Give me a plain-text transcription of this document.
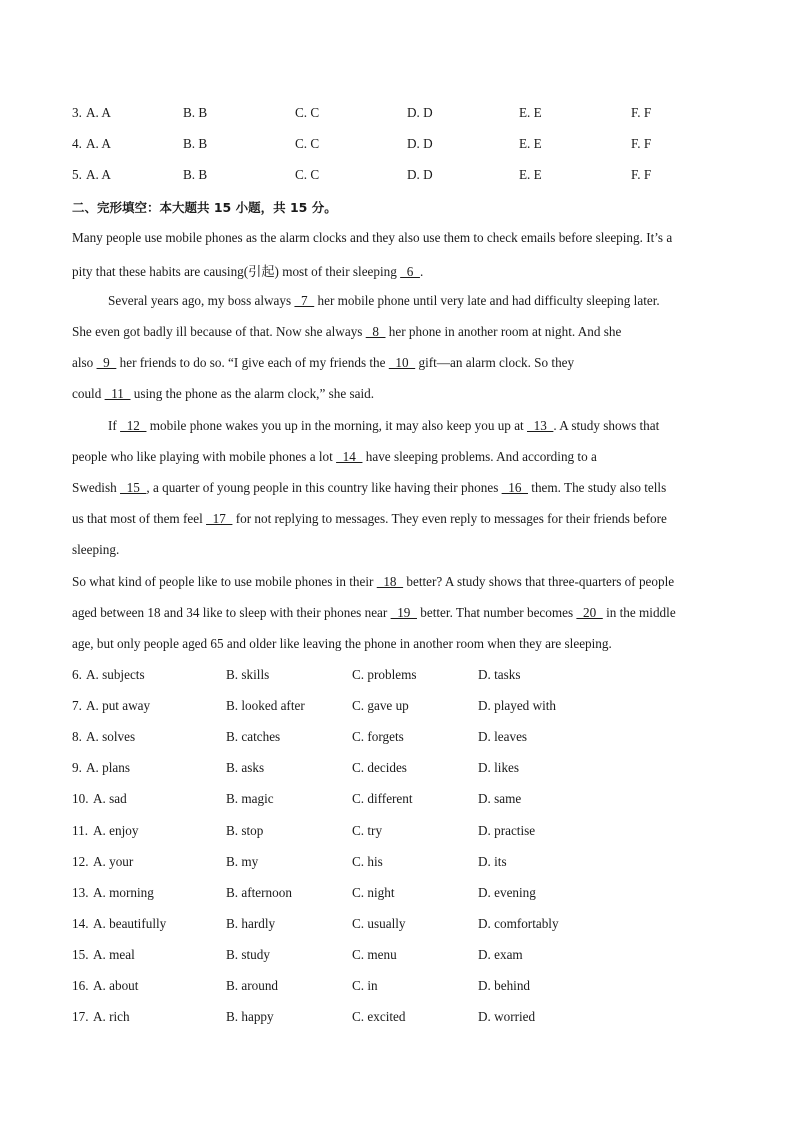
3. A. A	B. B	C. C	D. D	E. E	F. F
4. A. A	B. B	C. C	D. D	E. E	F. F
5. A. A	B. B	C. C	D. D	E. E	F. F
二、完形填空：本大题共 15 小题，共 15 分。
Many people use mobile phones as the alarm clocks and they also use them to check emails before sleeping. It’s a
pity that these habits are causing(引起) most of their sleeping   6  .
Several years ago, my boss always   7   her mobile phone until very late and had difficulty sleeping later.
She even got badly ill because of that. Now she always   8   her phone in another room at night. And she
also   9   her friends to do so. “I give each of my friends the   10   gift—an alarm clock. So they
could   11   using the phone as the alarm clock,” she said.
If   12   mobile phone wakes you up in the morning, it may also keep you up at   13  . A study shows that
people who like playing with mobile phones a lot   14   have sleeping problems. And according to a
Swedish   15  , a quarter of young people in this country like having their phones   16   them. The study also tells
us that most of them feel   17   for not replying to messages. They even reply to messages for their friends before
sleeping.
So what kind of people like to use mobile phones in their   18   better? A study shows that three-quarters of people
aged between 18 and 34 like to sleep with their phones near   19   better. That number becomes   20   in the middle
age, but only people aged 65 and older like leaving the phone in another room when they are sleeping.
6. A. subjects	B. skills	C. problems	D. tasks
7. A. put away	B. looked after	C. gave up	D. played with
8. A. solves	B. catches	C. forgets	D. leaves
9. A. plans	B. asks	C. decides	D. likes
10. A. sad	B. magic	C. different	D. same
11. A. enjoy	B. stop	C. try	D. practise
12. A. your	B. my	C. his	D. its
13. A. morning	B. afternoon	C. night	D. evening
14. A. beautifully	B. hardly	C. usually	D. comfortably
15. A. meal	B. study	C. menu	D. exam
16. A. about	B. around	C. in	D. behind
17. A. rich	B. happy	C. excited	D. worried
